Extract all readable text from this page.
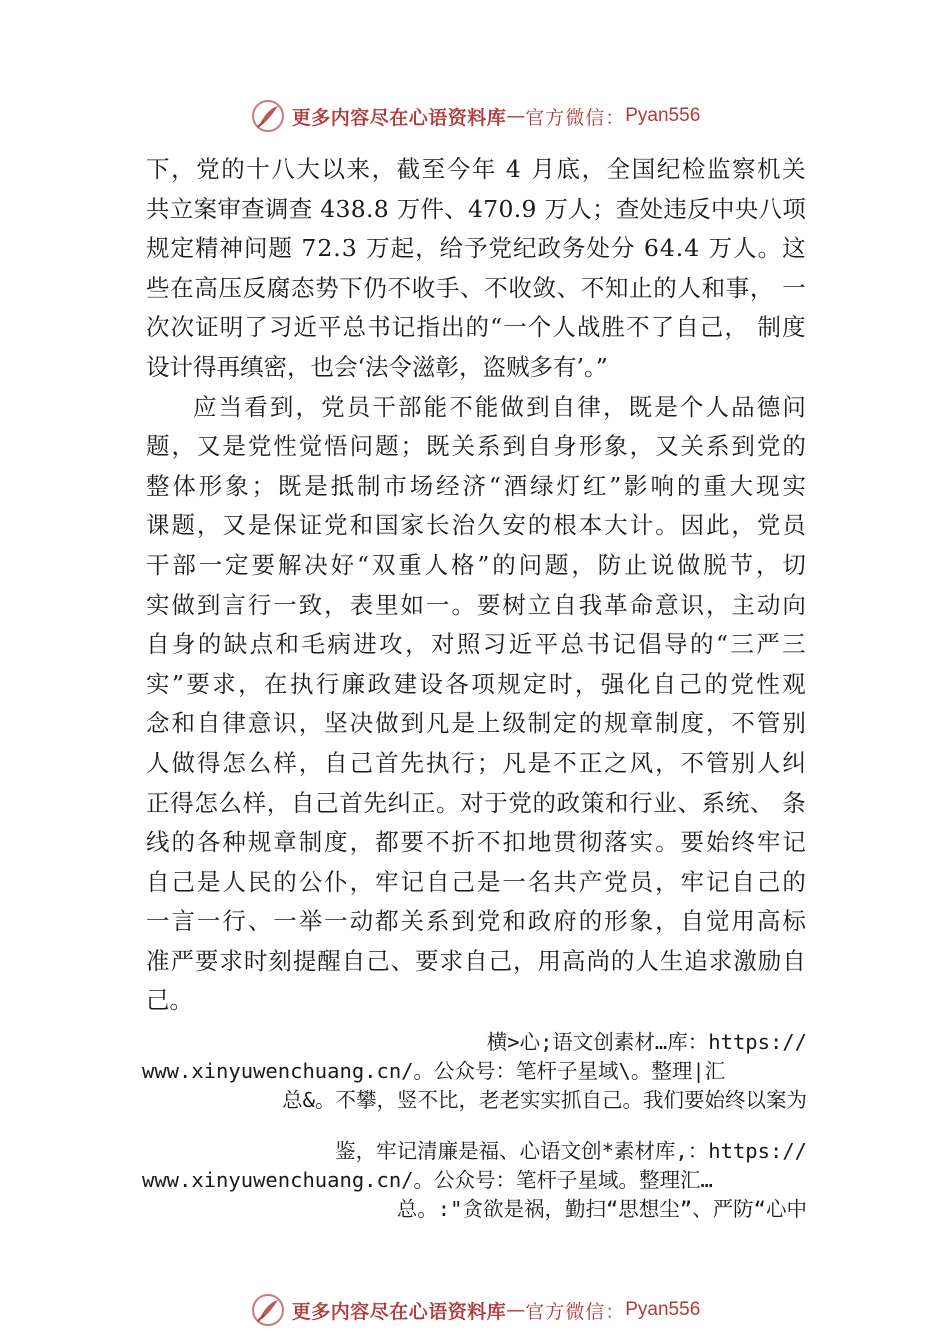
更多内容尽在心语资料库 — 官方微信： Pyan556
下 ， 党 的 十 八 大 以 来 ， 截 至 今 年
4
月 底 ， 全 国 纪 检 监 察 机 关
共 立 案 审 查 调 查
4 3 8 . 8
万 件 、 4 7 0 . 9
万 人 ； 查 处 违 反 中 央 八 项
规 定 精 神 问 题
7 2 . 3
万 起 ， 给 予 党 纪 政 务 处 分
6 4 . 4
万 人 。 这
些 在 高 压 反 腐 态 势 下 仍 不 收 手 、 不 收 敛 、 不 知 止 的 人 和 事 ，
一
次 次 证 明 了 习 近 平 总 书 记 指 出 的 “ 一 个 人 战 胜 不 了 自 己 ，
制 度
设计得再缜密，也会‘法令滋彰，盗贼多有’。”
应 当 看 到 ， 党 员 干 部 能 不 能 做 到 自 律 ， 既 是 个 人 品 德 问
题 ， 又 是 党 性 觉 悟 问 题 ； 既 关 系 到 自 身 形 象 ， 又 关 系 到 党 的
整 体 形 象 ； 既 是 抵 制 市 场 经 济 “ 酒 绿 灯 红 ” 影 响 的 重 大 现 实
课 题 ， 又 是 保 证 党 和 国 家 长 治 久 安 的 根 本 大 计 。 因 此 ， 党 员
干 部 一 定 要 解 决 好 “ 双 重 人 格 ” 的 问 题 ， 防 止 说 做 脱 节 ， 切
实 做 到 言 行 一 致 ， 表 里 如 一 。 要 树 立 自 我 革 命 意 识 ， 主 动 向
自 身 的 缺 点 和 毛 病 进 攻 ， 对 照 习 近 平 总 书 记 倡 导 的 “ 三 严 三
实 ” 要 求 ， 在 执 行 廉 政 建 设 各 项 规 定 时 ， 强 化 自 己 的 党 性 观
念 和 自 律 意 识 ， 坚 决 做 到 凡 是 上 级 制 定 的 规 章 制 度 ， 不 管 别
人 做 得 怎 么 样 ， 自 己 首 先 执 行 ； 凡 是 不 正 之 风 ， 不 管 别 人 纠
正 得 怎 么 样 ， 自 己 首 先 纠 正 。 对 于 党 的 政 策 和 行 业 、 系 统 、
条
线 的 各 种 规 章 制 度 ， 都 要 不 折 不 扣 地 贯 彻 落 实 。 要 始 终 牢 记
自 己 是 人 民 的 公 仆 ， 牢 记 自 己 是 一 名 共 产 党 员 ， 牢 记 自 己 的
一 言 一 行 、 一 举 一 动 都 关 系 到 党 和 政 府 的 形 象 ， 自 觉 用 高 标
准 严 要 求 时 刻 提 醒 自 己 、 要 求 自 己 ， 用 高 尚 的 人 生 追 求 激 励 自
己。
横>心;语文创素材…库：https://
www.xinyuwenchuang.cn/。公众号：笔杆子星域\。整理|汇
总&。不攀，竖不比，老老实实抓自己。我们要始终以案为
鉴，牢记清廉是福、心语文创*素材库,：https://
www.xinyuwenchuang.cn/。公众号：笔杆子星域。整理汇…
总。:"贪欲是祸，勤扫“思想尘”、严防“心中
更多内容尽在心语资料库 — 官方微信： Pyan556
